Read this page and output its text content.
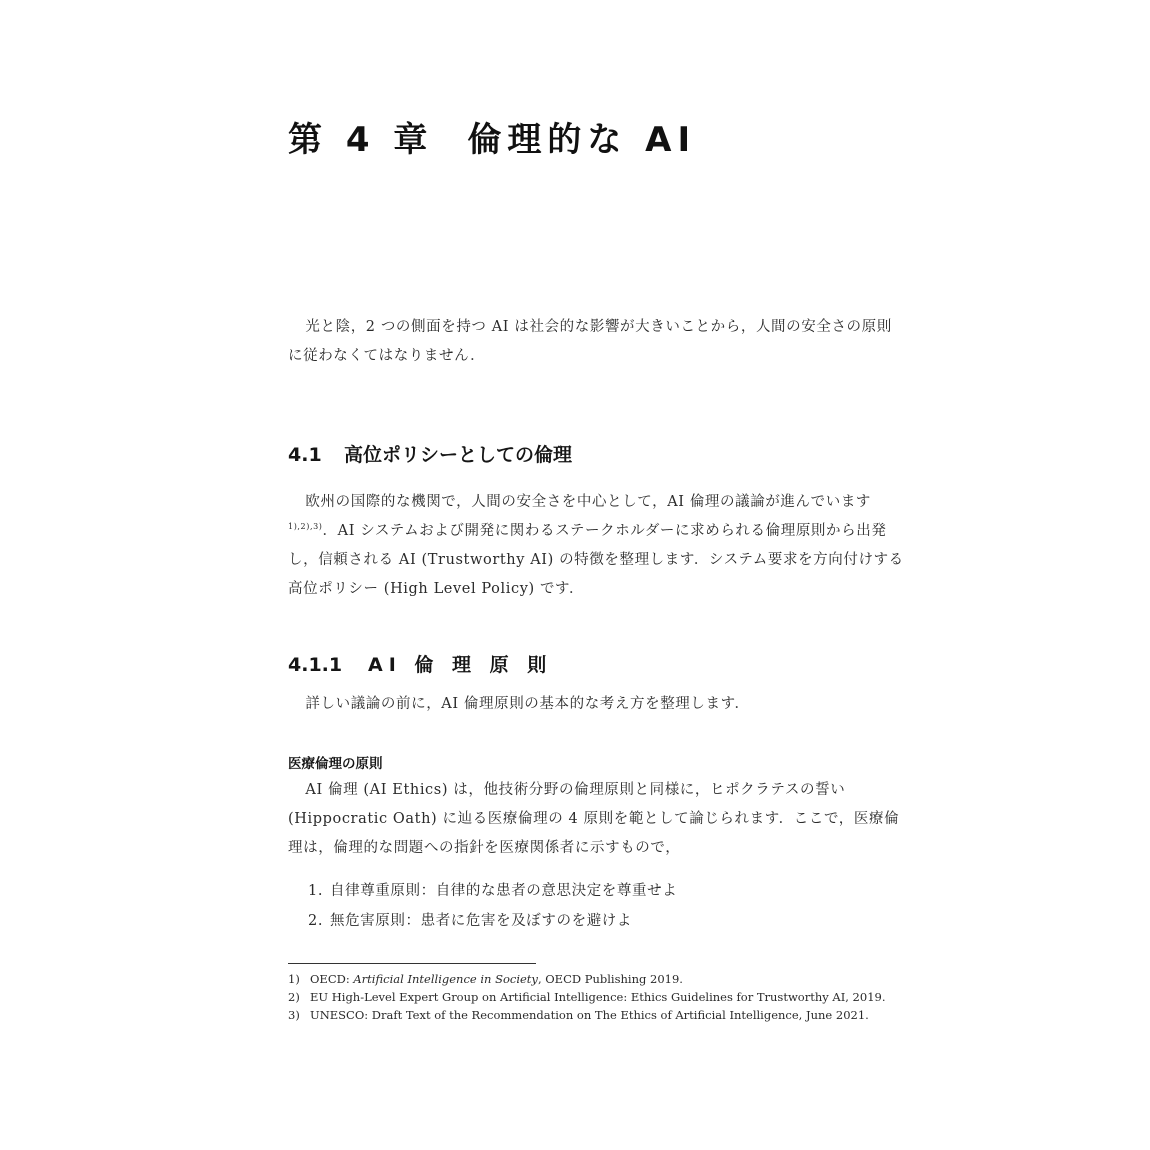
第 4 章 倫理的な AI

光と陰，2 つの側面を持つ AI は社会的な影響が大きいことから，人間の安全さの原則に従わなくてはなりません．

4.1 高位ポリシーとしての倫理

欧州の国際的な機関で，人間の安全さを中心として，AI 倫理の議論が進んでいます$^{1),2),3)}$．AI システムおよび開発に関わるステークホルダーに求められる倫理原則から出発し，信頼される AI (Trustworthy AI) の特徴を整理します．システム要求を方向付けする高位ポリシー (High Level Policy) です．

4.1.1 AI 倫 理 原 則

詳しい議論の前に，AI 倫理原則の基本的な考え方を整理します．

医療倫理の原則

AI 倫理 (AI Ethics) は，他技術分野の倫理原則と同様に，ヒポクラテスの誓い (Hippocratic Oath) に辿る医療倫理の 4 原則を範として論じられます．ここで，医療倫理は，倫理的な問題への指針を医療関係者に示すもので，

1. 自律尊重原則：自律的な患者の意思決定を尊重せよ
2. 無危害原則：患者に危害を及ぼすのを避けよ
1) OECD: Artificial Intelligence in Society, OECD Publishing 2019.
2) EU High-Level Expert Group on Artificial Intelligence: Ethics Guidelines for Trustworthy AI, 2019.
3) UNESCO: Draft Text of the Recommendation on The Ethics of Artificial Intelligence, June 2021.
